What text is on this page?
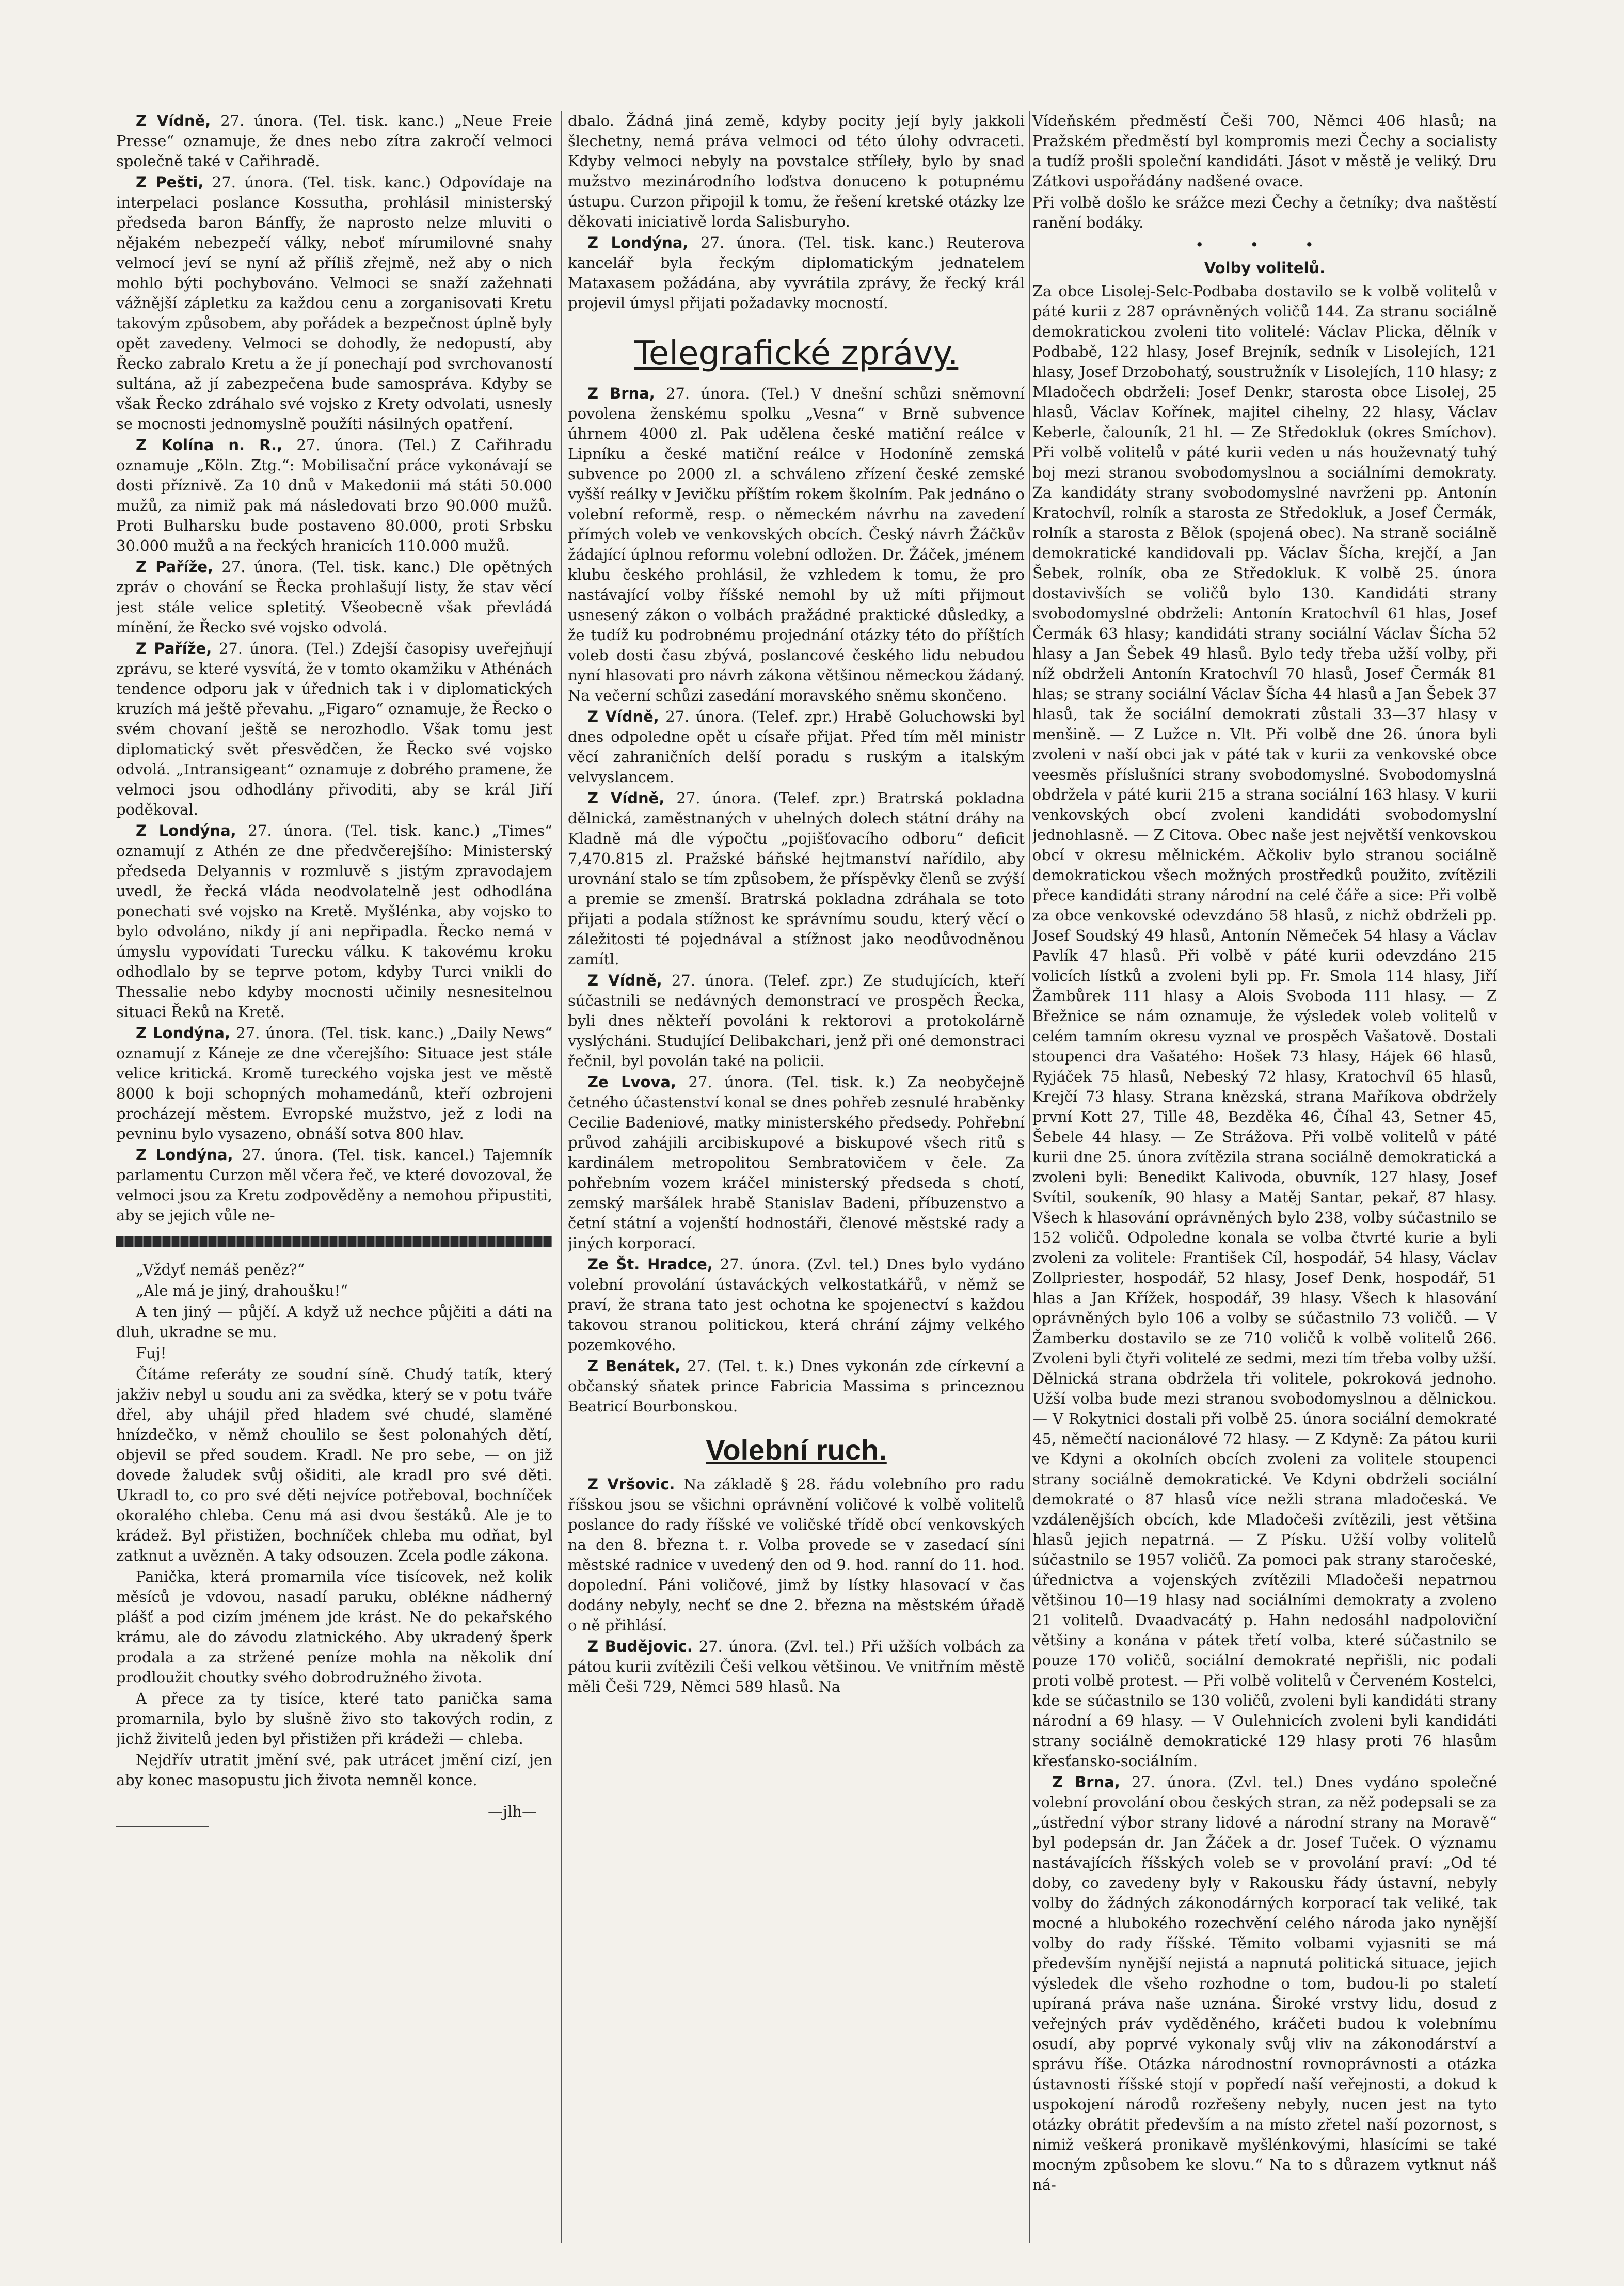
Z Vídně, 27. února. (Tel. tisk. kanc.) „Neue Freie Presse“ oznamuje, že dnes nebo zítra zakročí velmoci společně také v Cařihradě.

Z Pešti, 27. února. (Tel. tisk. kanc.) Odpovídaje na interpelaci poslance Kossutha, prohlásil ministerský předseda baron Bánffy, že naprosto nelze mluviti o nějakém nebezpečí války, neboť mírumilovné snahy velmocí jeví se nyní až příliš zřejmě, než aby o nich mohlo býti pochybováno. Velmoci se snaží zažehnati vážnější zápletku za každou cenu a zorganisovati Kretu takovým způsobem, aby pořádek a bezpečnost úplně byly opět zavedeny. Velmoci se dohodly, že nedopustí, aby Řecko zabralo Kretu a že jí ponechají pod svrchovaností sultána, až jí zabezpečena bude samospráva. Kdyby se však Řecko zdráhalo své vojsko z Krety odvolati, usnesly se mocnosti jednomyslně použíti násilných opatření.

Z Kolína n. R., 27. února. (Tel.) Z Cařihradu oznamuje „Köln. Ztg.“: Mobilisační práce vykonávají se dosti příznivě. Za 10 dnů v Makedonii má státi 50.000 mužů, za nimiž pak má následovati brzo 90.000 mužů. Proti Bulharsku bude postaveno 80.000, proti Srbsku 30.000 mužů a na řeckých hranicích 110.000 mužů.

Z Paříže, 27. února. (Tel. tisk. kanc.) Dle opětných zpráv o chování se Řecka prohlašují listy, že stav věcí jest stále velice spletitý. Všeobecně však převládá mínění, že Řecko své vojsko odvolá.

Z Paříže, 27. února. (Tel.) Zdejší časopisy uveřejňují zprávu, se které vysvítá, že v tomto okamžiku v Athénách tendence odporu jak v úřednich tak i v diplomatických kruzích má ještě převahu. „Figaro“ oznamuje, že Řecko o svém chovaní ještě se nerozhodlo. Však tomu jest diplomatický svět přesvědčen, že Řecko své vojsko odvolá. „Intransigeant“ oznamuje z dobrého pramene, že velmoci jsou odhodlány přivoditi, aby se král Jiří poděkoval.

Z Londýna, 27. února. (Tel. tisk. kanc.) „Times“ oznamují z Athén ze dne předvčerejšího: Ministerský předseda Delyannis v rozmluvě s jistým zpravodajem uvedl, že řecká vláda neodvolatelně jest odhodlána ponechati své vojsko na Kretě. Myšlénka, aby vojsko to bylo odvoláno, nikdy jí ani nepřipadla. Řecko nemá v úmyslu vypovídati Turecku válku. K takovému kroku odhodlalo by se teprve potom, kdyby Turci vnikli do Thessalie nebo kdyby mocnosti učinily nesnesitelnou situaci Řeků na Kretě.

Z Londýna, 27. února. (Tel. tisk. kanc.) „Daily News“ oznamují z Kánejе ze dne včerejšího: Situace jest stále velice kritická. Kromě tureckého vojska jest ve městě 8000 k boji schopných mohamedánů, kteří ozbrojeni procházejí městem. Evropské mužstvo, jež z lodi na pevninu bylo vysazeno, obnáší sotva 800 hlav.

Z Londýna, 27. února. (Tel. tisk. kancel.) Tajemník parlamentu Curzon měl včera řeč, ve které dovozoval, že velmoci jsou za Kretu zodpověděny a nemohou připustiti, aby se jejich vůle ne-

„Vždyť nemáš peněz?“

„Ale má je jiný, drahoušku!“

A ten jiný — půjčí. A když už nechce půjčiti a dáti na dluh, ukradne se mu.

Fuj!

Čítáme referáty ze soudní síně. Chudý tatík, který jakživ nebyl u soudu ani za svědka, který se v potu tváře dřel, aby uhájil před hladem své chudé, slaměné hnízdečko, v němž choulilo se šest polonahých dětí, objevil se před soudem. Kradl. Ne pro sebe, — on již dovede žaludek svůj ošiditi, ale kradl pro své děti. Ukradl to, co pro své děti nejvíce potřeboval, bochníček okoralého chleba. Cenu má asi dvou šestáků. Ale je to krádež. Byl přistižen, bochníček chleba mu odňat, byl zatknut a uvězněn. A taky odsouzen. Zcela podle zákona.

Panička, která promarnila více tisícovek, než kolik měsíců je vdovou, nasadí paruku, oblékne nádherný plášť a pod cizím jménem jde krást. Ne do pekařského krámu, ale do závodu zlatnického. Aby ukradený šperk prodala a za stržené peníze mohla na několik dní prodloužit choutky svého dobrodružného života.

A přece za ty tisíce, které tato panička sama promarnila, bylo by slušně živo sto takových rodin, z jichž živitelů jeden byl přistižen při krádeži — chleba.

Nejdřív utratit jmění své, pak utrácet jmění cizí, jen aby konec masopustu jich života nemněl konce.

—jlh—

dbalo. Žádná jiná země, kdyby pocity její byly jakkoli šlechetny, nemá práva velmoci od této úlohy odvraceti. Kdyby velmoci nebyly na povstalce stříleły, bylo by snad mužstvo mezinárodního loďstva donuceno k potupnému ústupu. Curzon připojil k tomu, že řešení kretské otázky lze děkovati iniciativě lorda Salisburyho.

Z Londýna, 27. února. (Tel. tisk. kanc.) Reuterova kancelář byla řeckým diplomatickým jednatelem Mataxasem požádána, aby vyvrátila zprávy, že řecký král projevil úmysl přijati požadavky mocností.

Telegrafické zprávy.

Z Brna, 27. února. (Tel.) V dnešní schůzi sněmovní povolena ženskému spolku „Vesna“ v Brně subvence úhrnem 4000 zl. Pak udělena české matiční reálce v Lipníku a české matiční reálce v Hodoníně zemská subvence po 2000 zl. a schváleno zřízení české zemské vyšší reálky v Jevičku příštím rokem školním. Pak jednáno o volební reformě, resp. o německém návrhu na zavedení přímých voleb ve venkovských obcích. Český návrh Žáčkův žádající úplnou reformu volební odložen. Dr. Žáček, jménem klubu českého prohlásil, že vzhledem k tomu, že pro nastávající volby říšské nemohl by už míti přijmout usnesený zákon o volbách pražádné praktické důsledky, a že tudíž ku podrobnému projednání otázky této do příštích voleb dosti času zbývá, poslancové českého lidu nebudou nyní hlasovati pro návrh zákona většinou německou žádaný. Na večerní schůzi zasedání moravského sněmu skončeno.

Z Vídně, 27. února. (Telef. zpr.) Hrabě Goluchowski byl dnes odpoledne opět u císaře přijat. Před tím měl ministr věcí zahraničních delší poradu s ruským a italským velvyslancem.

Z Vídně, 27. února. (Telef. zpr.) Bratrská pokladna dělnická, zaměstnaných v uhelných dolech státní dráhy na Kladně má dle výpočtu „pojišťovacího odboru“ deficit 7,470.815 zl. Pražské báňské hejtmanství nařídilo, aby urovnání stalo se tím způsobem, že příspěvky členů se zvýší a premie se zmenší. Bratrská pokladna zdráhala se toto přijati a podala stížnost ke správnímu soudu, který věcí o záležitosti té pojednával a stížnost jako neodůvodněnou zamítl.

Z Vídně, 27. února. (Telef. zpr.) Ze studujících, kteří súčastnili se nedávných demonstrací ve prospěch Řecka, byli dnes někteří povoláni k rektorovi a protokolárně vyslýcháni. Studující Delibakchari, jenž při oné demonstraci řečnil, byl povolán také na policii.

Ze Lvova, 27. února. (Tel. tisk. k.) Za neobyčejně četného účastenství konal se dnes pohřeb zesnulé hraběnky Cecilie Badeniové, matky ministerského předsedy. Pohřební průvod zahájili arcibiskupové a biskupové všech ritů s kardinálem metropolitou Sembratovičem v čele. Za pohřebním vozem kráčel ministerský předseda s chotí, zemský maršálek hrabě Stanislav Badeni, příbuzenstvo a četní státní a vojenští hodnostáři, členové městské rady a jiných korporací.

Ze Št. Hradce, 27. února. (Zvl. tel.) Dnes bylo vydáno volební provolání ústaváckých velkostatkářů, v němž se praví, že strana tato jest ochotna ke spojenectví s každou takovou stranou politickou, která chrání zájmy velkého pozemkového.

Z Benátek, 27. (Tel. t. k.) Dnes vykonán zde církevní a občanský sňatek prince Fabricia Massima s princeznou Beatricí Bourbonskou.

Volební ruch.

Z Vršovic. Na základě § 28. řádu volebního pro radu říšskou jsou se všichni oprávnění voličové k volbě volitelů poslance do rady říšské ve voličské třídě obcí venkovských na den 8. března t. r. Volba provede se v zasedací síni městské radnice v uvedený den od 9. hod. ranní do 11. hod. dopolední. Páni voličové, jimž by lístky hlasovací v čas dodány nebyly, nechť se dne 2. března na městském úřadě o ně přihlásí.

Z Budějovic. 27. února. (Zvl. tel.) Při užších volbách za pátou kurii zvítězili Češi velkou většinou. Ve vnitřním městě měli Češi 729, Němci 589 hlasů. Na

Vídeňském předměstí Češi 700, Němci 406 hlasů; na Pražském předměstí byl kompromis mezi Čechy a socialisty a tudíž prošli společní kandidáti. Jásot v městě je veliký. Dru Zátkovi uspořádány nadšené ovace.

Při volbě došlo ke srážce mezi Čechy a četníky; dva naštěstí ranění bodáky.

• • •
Volby volitelů.

Za obce Lisolej-Selc-Podbaba dostavilo se k volbě volitelů v páté kurii z 287 oprávněných voličů 144. Za stranu sociálně demokratickou zvoleni tito volitelé: Václav Plicka, dělník v Podbabě, 122 hlasy, Josef Brejník, sedník v Lisolejích, 121 hlasy, Josef Drzobohatý, soustružník v Lisolejích, 110 hlasy; z Mladočech obdrželi: Josef Denkr, starosta obce Lisolej, 25 hlasů, Václav Kořínek, majitel cihelny, 22 hlasy, Václav Keberle, čalouník, 21 hl. — Ze Středokluk (okres Smíchov). Při volbě volitelů v páté kurii veden u nás houževnatý tuhý boj mezi stranou svobodomyslnou a sociálními demokraty. Za kandidáty strany svobodomyslné navrženi pp. Antonín Kratochvíl, rolník a starosta ze Středokluk, a Josef Čermák, rolník a starosta z Bělok (spojená obec). Na straně sociálně demokratické kandidovali pp. Václav Šícha, krejčí, a Jan Šebek, rolník, oba ze Středokluk. K volbě 25. února dostavivších se voličů bylo 130. Kandidáti strany svobodomyslné obdrželi: Antonín Kratochvíl 61 hlas, Josef Čermák 63 hlasy; kandidáti strany sociální Václav Šícha 52 hlasy a Jan Šebek 49 hlasů. Bylo tedy třeba užší volby, při níž obdrželi Antonín Kratochvíl 70 hlasů, Josef Čermák 81 hlas; se strany sociální Václav Šícha 44 hlasů a Jan Šebek 37 hlasů, tak že sociální demokrati zůstali 33—37 hlasy v menšině. — Z Lužce n. Vlt. Při volbě dne 26. února byli zvoleni v naší obci jak v páté tak v kurii za venkovské obce veesměs příslušníci strany svobodomyslné. Svobodomyslná obdržela v páté kurii 215 a strana sociální 163 hlasy. V kurii venkovských obcí zvoleni kandidáti svobodomyslní jednohlasně. — Z Citova. Obec naše jest největší venkovskou obcí v okresu mělnickém. Ačkoliv bylo stranou sociálně demokratickou všech možných prostředků použito, zvítězili přece kandidáti strany národní na celé čáře a sice: Při volbě za obce venkovské odevzdáno 58 hlasů, z nichž obdrželi pp. Josef Soudský 49 hlasů, Antonín Němeček 54 hlasy a Václav Pavlík 47 hlasů. Při volbě v páté kurii odevzdáno 215 volicích lístků a zvoleni byli pp. Fr. Smola 114 hlasy, Jiří Žambůrek 111 hlasy a Alois Svoboda 111 hlasy. — Z Břežnice se nám oznamuje, že výsledek voleb volitelů v celém tamním okresu vyznal ve prospěch Vašatově. Dostali stoupenci dra Vašatého: Hošek 73 hlasy, Hájek 66 hlasů, Ryjáček 75 hlasů, Nebeský 72 hlasy, Kratochvíl 65 hlasů, Krejčí 73 hlasy. Strana knězská, strana Maříkova obdržely první Kott 27, Tille 48, Bezděka 46, Číhal 43, Setner 45, Šebele 44 hlasy. — Ze Strážova. Při volbě volitelů v páté kurii dne 25. února zvítězila strana sociálně demokratická a zvoleni byli: Benedikt Kalivoda, obuvník, 127 hlasy, Josef Svítil, soukeník, 90 hlasy a Matěj Santar, pekař, 87 hlasy. Všech k hlasování oprávněných bylo 238, volby súčastnilo se 152 voličů. Odpoledne konala se volba čtvrté kurie a byli zvoleni za volitele: František Cíl, hospodář, 54 hlasy, Václav Zollpriester, hospodář, 52 hlasy, Josef Denk, hospodář, 51 hlas a Jan Křížek, hospodář, 39 hlasy. Všech k hlasování oprávněných bylo 106 a volby se súčastnilo 73 voličů. — V Žamberku dostavilo se ze 710 voličů k volbě volitelů 266. Zvoleni byli čtyři volitelé ze sedmi, mezi tím třeba volby užší. Dělnická strana obdržela tři volitele, pokroková jednoho. Užší volba bude mezi stranou svobodomyslnou a dělnickou. — V Rokytnici dostali při volbě 25. února sociální demokraté 45, němečtí nacionálové 72 hlasy. — Z Kdyně: Za pátou kurii ve Kdyni a okolních obcích zvoleni za volitele stoupenci strany sociálně demokratické. Ve Kdyni obdrželi sociální demokraté o 87 hlasů více nežli strana mladočeská. Ve vzdálenějších obcích, kde Mladočeši zvítězili, jest většina hlasů jejich nepatrná. — Z Písku. Užší volby volitelů súčastnilo se 1957 voličů. Za pomoci pak strany staročeské, úřednictva a vojenských zvítězili Mladočeši nepatrnou většinou 10—19 hlasy nad sociálními demokraty a zvoleno 21 volitelů. Dvaadvacátý p. Hahn nedosáhl nadpoloviční většiny a konána v pátek třetí volba, které súčastnilo se pouze 170 voličů, sociální demokraté nepřišli, nic podali proti volbě protest. — Při volbě volitelů v Červeném Kostelci, kde se súčastnilo se 130 voličů, zvoleni byli kandidáti strany národní a 69 hlasy. — V Oulehnicích zvoleni byli kandidáti strany sociálně demokratické 129 hlasy proti 76 hlasům křesťansko-sociálním.

Z Brna, 27. února. (Zvl. tel.) Dnes vydáno společné volební provolání obou českých stran, za něž podepsali se za „ústřední výbor strany lidové a národní strany na Moravě“ byl podepsán dr. Jan Žáček a dr. Josef Tuček. O významu nastávajících říšských voleb se v provolání praví: „Od té doby, co zavedeny byly v Rakousku řády ústavní, nebyly volby do žádných zákonodárných korporací tak veliké, tak mocné a hlubokého rozechvění celého národa jako nynější volby do rady říšské. Těmito volbami vyjasniti se má především nynější nejistá a napnutá politická situace, jejich výsledek dle všeho rozhodne o tom, budou-li po staletí upíraná práva naše uznána. Široké vrstvy lidu, dosud z veřejných práv vyděděného, kráčeti budou k volebnímu osudí, aby poprvé vykonaly svůj vliv na zákonodárství a správu říše. Otázka národnostní rovnoprávnosti a otázka ústavnosti říšské stojí v popředí naší veřejnosti, a dokud k uspokojení národů rozřešeny nebyly, nucen jest na tyto otázky obrátit především a na místo zřetel naší pozornost, s nimiž veškerá pronikavě myšlénkovými, hlasícími se také mocným způsobem ke slovu.“ Na to s důrazem vytknut náš ná-
